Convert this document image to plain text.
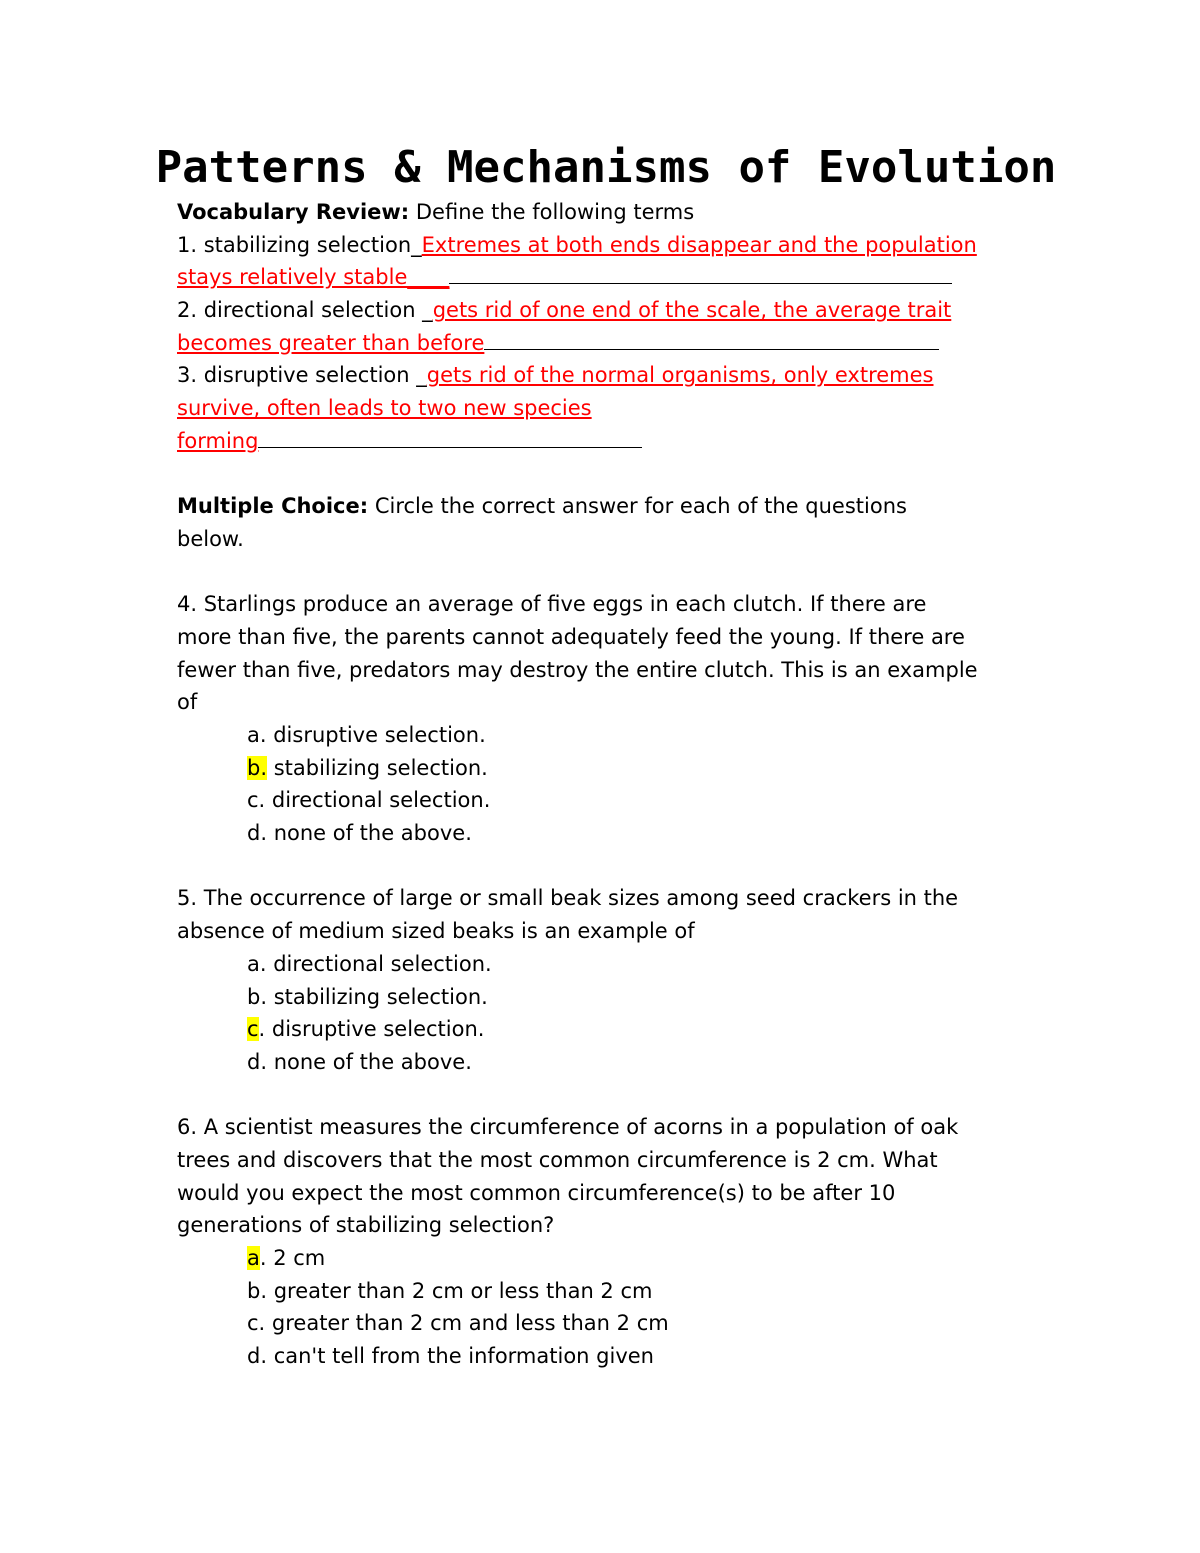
Patterns & Mechanisms of Evolution
Vocabulary Review: Define the following terms
1. stabilizing selection_Extremes at both ends disappear and the population
stays relatively stable____
2. directional selection _gets rid of one end of the scale, the average trait
becomes greater than before
3. disruptive selection _gets rid of the normal organisms, only extremes
survive, often leads to two new species
forming
Multiple Choice: Circle the correct answer for each of the questions
below.
4. Starlings produce an average of five eggs in each clutch. If there are
more than five, the parents cannot adequately feed the young. If there are
fewer than five, predators may destroy the entire clutch. This is an example
of
a. disruptive selection.
b. stabilizing selection.
c. directional selection.
d. none of the above.
5. The occurrence of large or small beak sizes among seed crackers in the
absence of medium sized beaks is an example of
a. directional selection.
b. stabilizing selection.
c. disruptive selection.
d. none of the above.
6. A scientist measures the circumference of acorns in a population of oak
trees and discovers that the most common circumference is 2 cm. What
would you expect the most common circumference(s) to be after 10
generations of stabilizing selection?
a. 2 cm
b. greater than 2 cm or less than 2 cm
c. greater than 2 cm and less than 2 cm
d. can't tell from the information given
